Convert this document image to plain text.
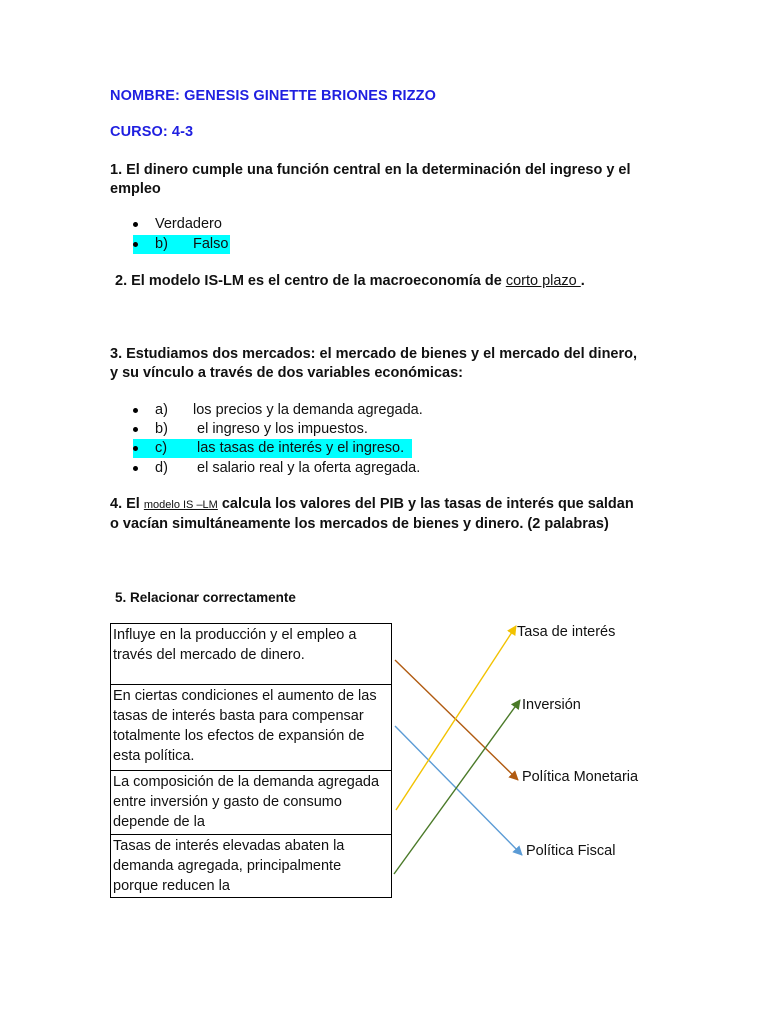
NOMBRE: GENESIS GINETTE BRIONES RIZZO
CURSO: 4-3
1. El dinero cumple una función central en la determinación del ingreso y el
empleo
Verdadero
b)	Falso
2. El modelo IS-LM es el centro de la macroeconomía de corto plazo .
3. Estudiamos dos mercados: el mercado de bienes y el mercado del dinero,
y su vínculo a través de dos variables económicas:
a)	los precios y la demanda agregada.
b)	el ingreso y los impuestos.
c)	las tasas de interés y el ingreso.
d)	el salario real y la oferta agregada.
4. El modelo IS –LM calcula los valores del PIB y las tasas de interés que saldan
o vacían simultáneamente los mercados de bienes y dinero. (2 palabras)
5. Relacionar correctamente
Influye en la producción y el empleo a través del mercado de dinero.
En ciertas condiciones el aumento de las tasas de interés basta para compensar totalmente los efectos de expansión de esta política.
La composición de la demanda agregada entre inversión y gasto de consumo depende de la
Tasas de interés elevadas abaten la demanda agregada, principalmente porque reducen la
Tasa de interés
Inversión
Política Monetaria
Política Fiscal
